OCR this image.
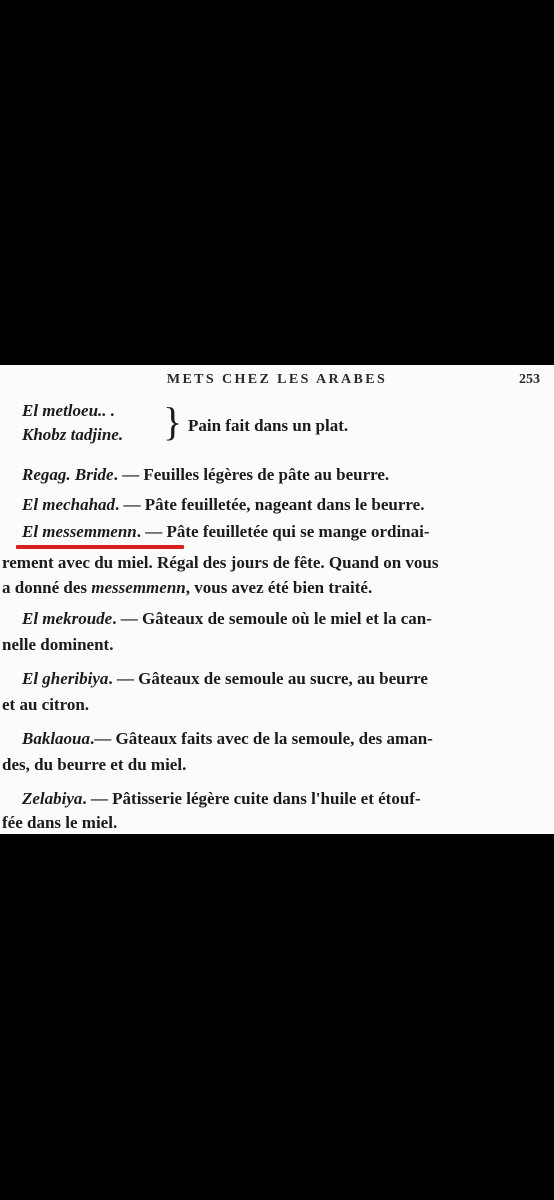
METS CHEZ LES ARABES	253
El metloeu.. .
Khobz tadjine. } Pain fait dans un plat.
Regag. Bride. — Feuilles légères de pâte au beurre.
El mechahad. — Pâte feuilletée, nageant dans le beurre.
El messemmenn. — Pâte feuilletée qui se mange ordinai-
rement avec du miel. Régal des jours de fête. Quand on vous
a donné des messemmenn, vous avez été bien traité.
El mekroude. — Gâteaux de semoule où le miel et la can-
nelle dominent.
El gheribiya. — Gâteaux de semoule au sucre, au beurre
et au citron.
Baklaoua.— Gâteaux faits avec de la semoule, des aman-
des, du beurre et du miel.
Zelabiya. — Pâtisserie légère cuite dans l'huile et étouf-
fée dans le miel.
